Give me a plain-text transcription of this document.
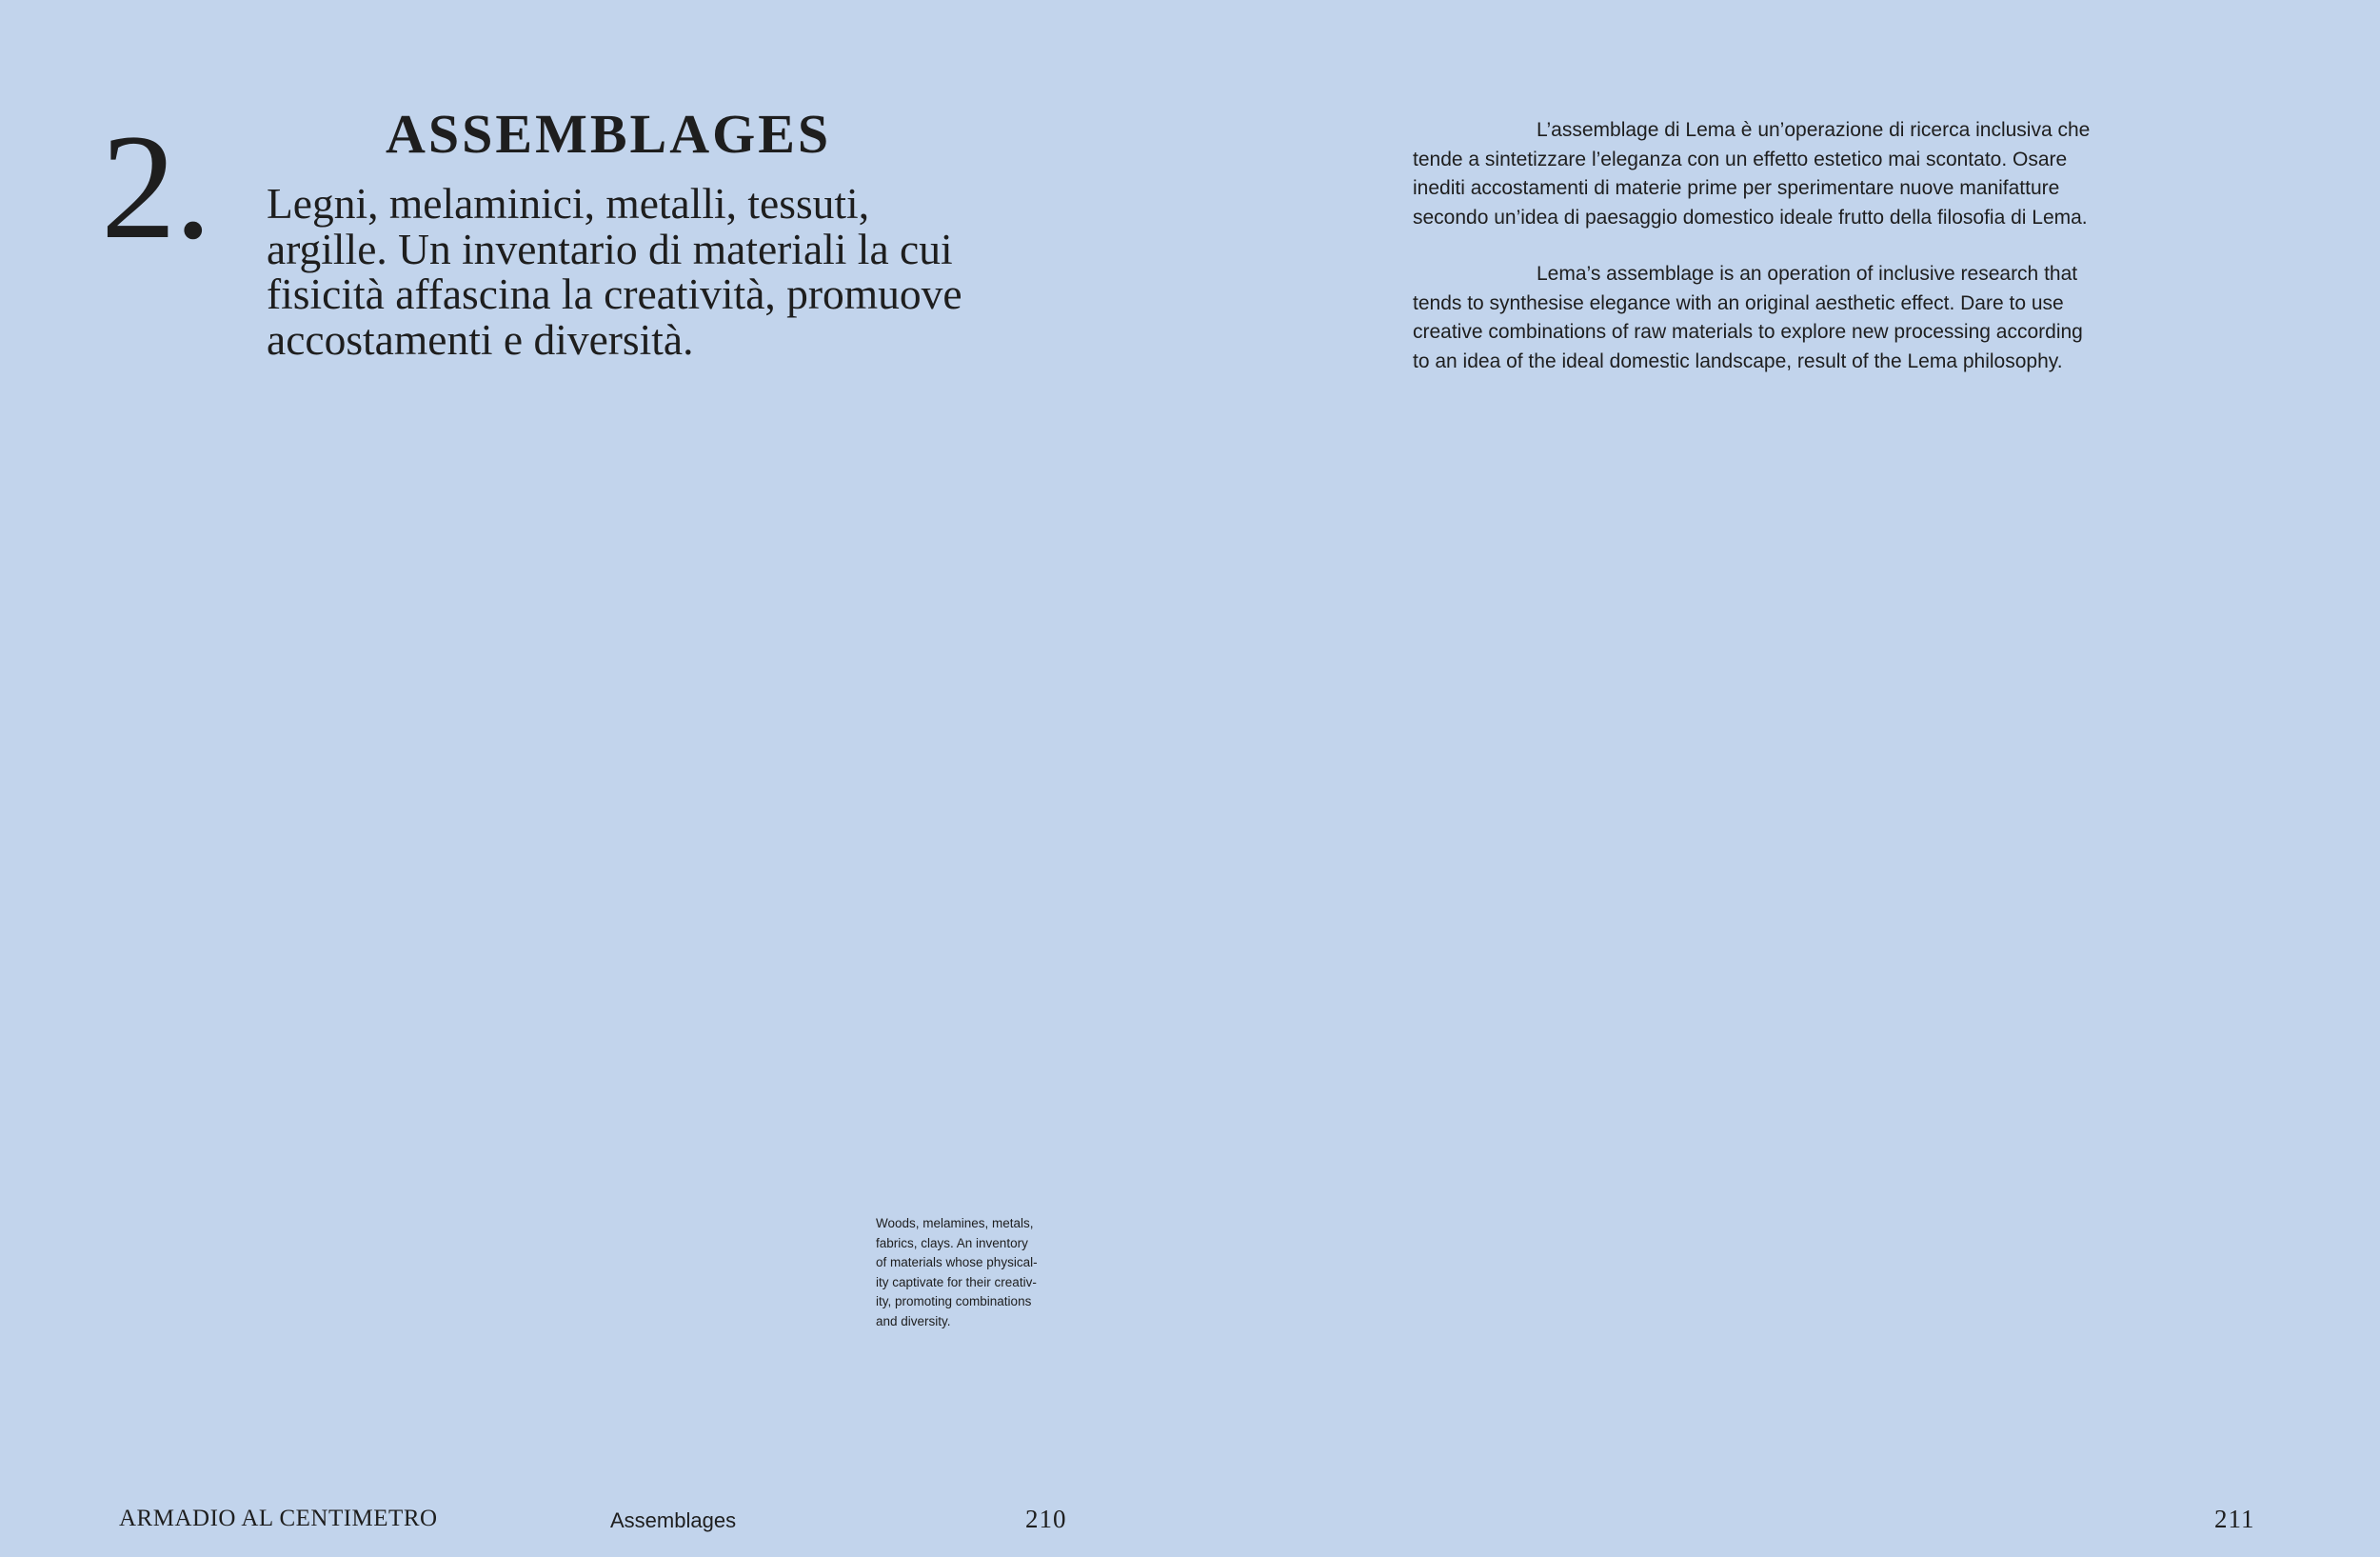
2.	ASSEMBLAGES

Legni, melaminici, metalli, tessuti,
argille. Un inventario di materiali la cui
fisicità affascina la creatività, promuove
accostamenti e diversità.

Woods, melamines, metals,
fabrics, clays. An inventory
of materials whose physical-
ity captivate for their creativ-
ity, promoting combinations
and diversity.

L’assemblage di Lema è un’operazione di ricerca inclusiva che
tende a sintetizzare l’eleganza con un effetto estetico mai scontato. Osare
inediti accostamenti di materie prime per sperimentare nuove manifatture
secondo un’idea di paesaggio domestico ideale frutto della filosofia di Lema.

Lema’s assemblage is an operation of inclusive research that
tends to synthesise elegance with an original aesthetic effect. Dare to use
creative combinations of raw materials to explore new processing according
to an idea of the ideal domestic landscape, result of the Lema philosophy.

ARMADIO AL CENTIMETRO	Assemblages	210	211
